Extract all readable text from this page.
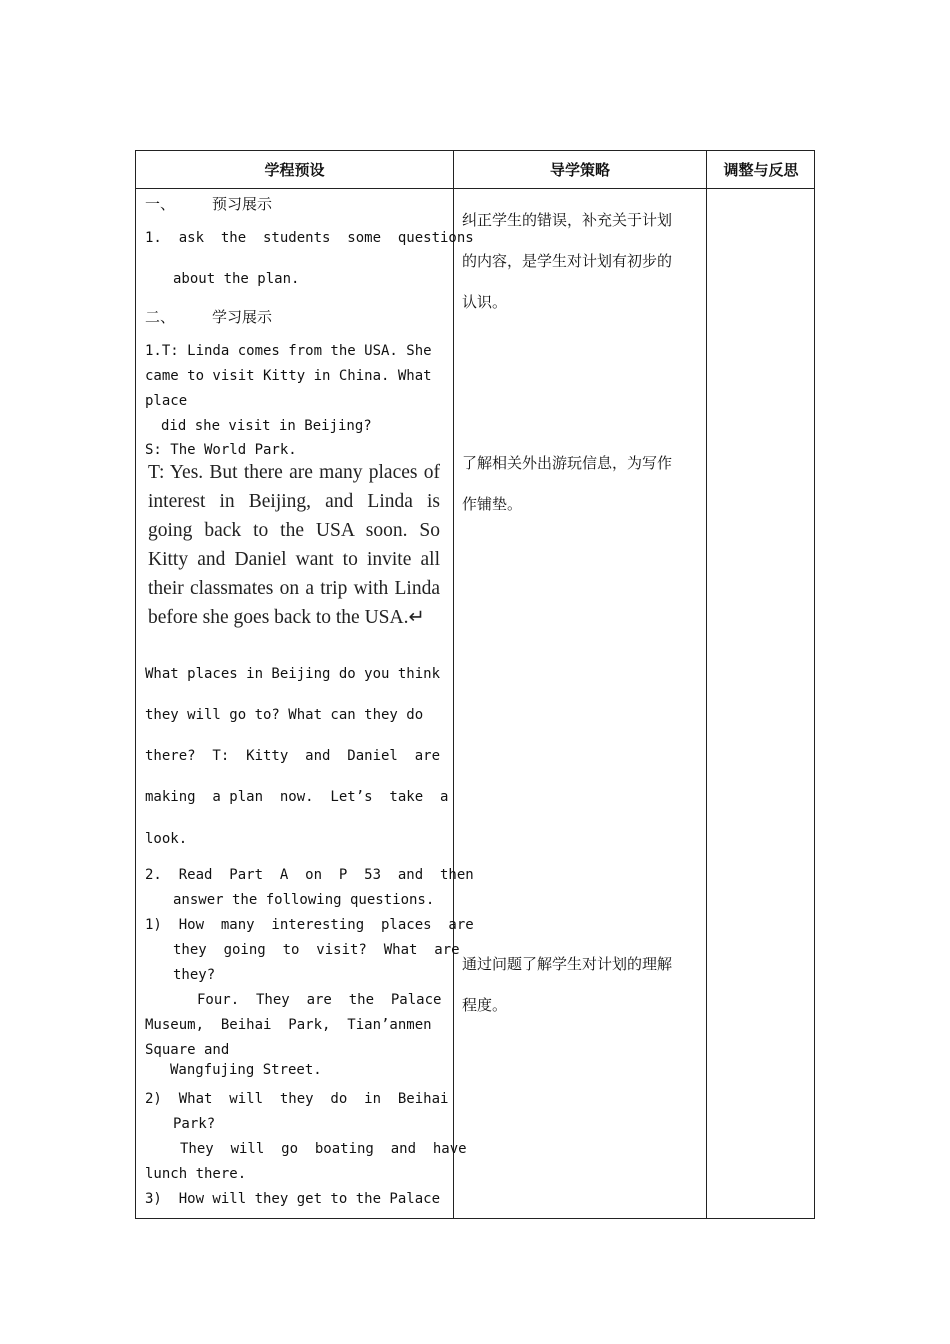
学程预设	导学策略	调整与反思
一、 预习展示
1.  ask  the  students  some  questions
about the plan.
二、 学习展示
1.T: Linda comes from the USA. She
came to visit Kitty in China. What
place
did she visit in Beijing?
S: The World Park.
T: Yes. But there are many places of interest in Beijing, and Linda is going back to the USA soon. So Kitty and Daniel want to invite all their classmates on a trip with Linda before she goes back to the USA.↵
What places in Beijing do you think
they will go to? What can they do
there?  T:  Kitty  and  Daniel  are
making  a plan  now.  Let’s  take  a
look.
2.  Read  Part  A  on  P  53  and  then
answer the following questions.
1)  How  many  interesting  places  are
they  going  to  visit?  What  are
they?
Four.  They  are  the  Palace
Museum,  Beihai  Park,  Tian’anmen
Square and
Wangfujing Street.
2)  What  will  they  do  in  Beihai
Park?
They  will  go  boating  and  have
lunch there.
3)  How will they get to the Palace
纠正学生的错误，补充关于计划
的内容，是学生对计划有初步的
认识。
了解相关外出游玩信息，为写作
作铺垫。
通过问题了解学生对计划的理解
程度。
